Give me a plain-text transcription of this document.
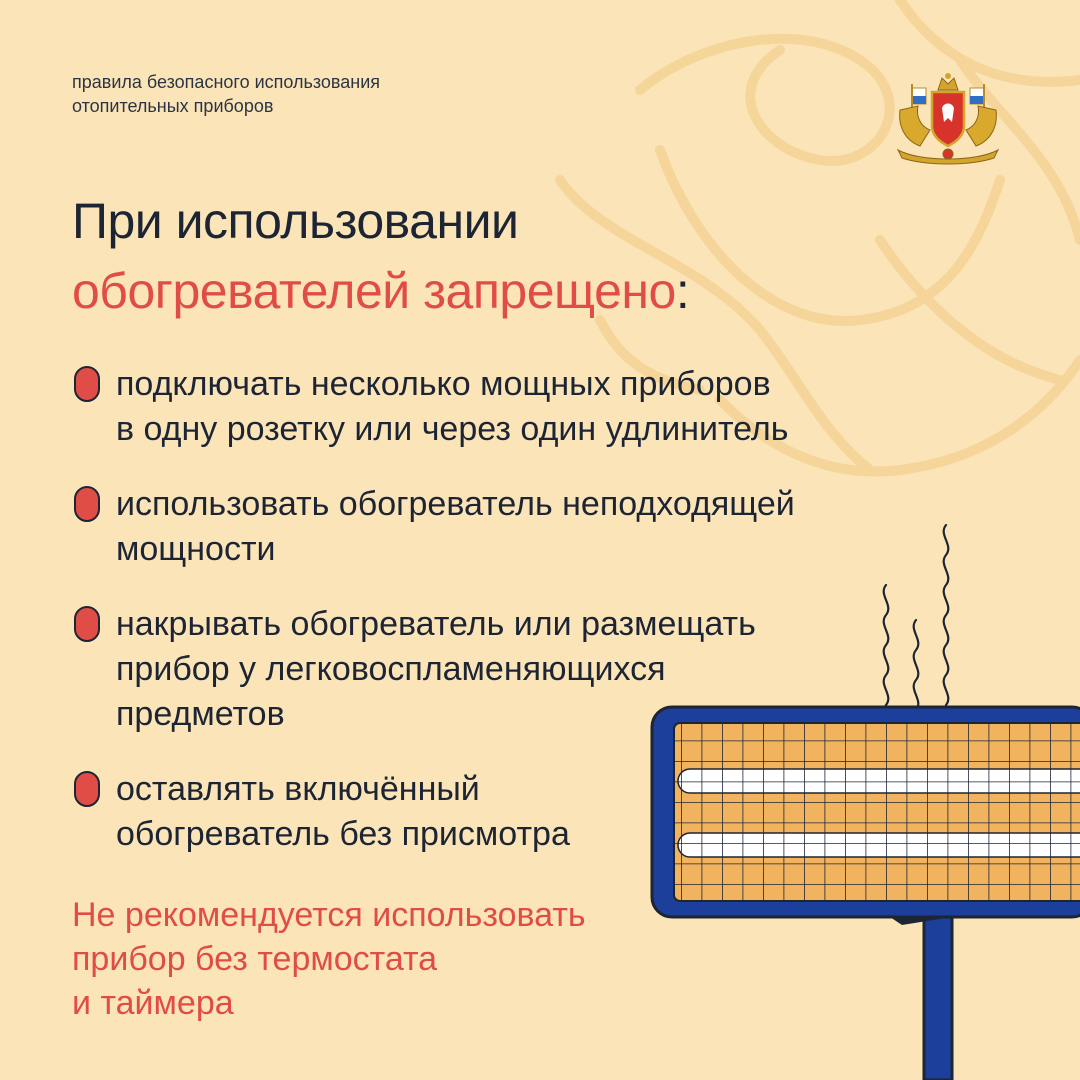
правила безопасного использования
отопительных приборов
При использовании
обогревателей запрещено:
подключать несколько мощных приборов
в одну розетку или через один удлинитель
использовать обогреватель неподходящей
мощности
накрывать обогреватель или размещать
прибор у легковоспламеняющихся
предметов
оставлять включённый
обогреватель без присмотра
Не рекомендуется использовать
прибор без термостата
и таймера
